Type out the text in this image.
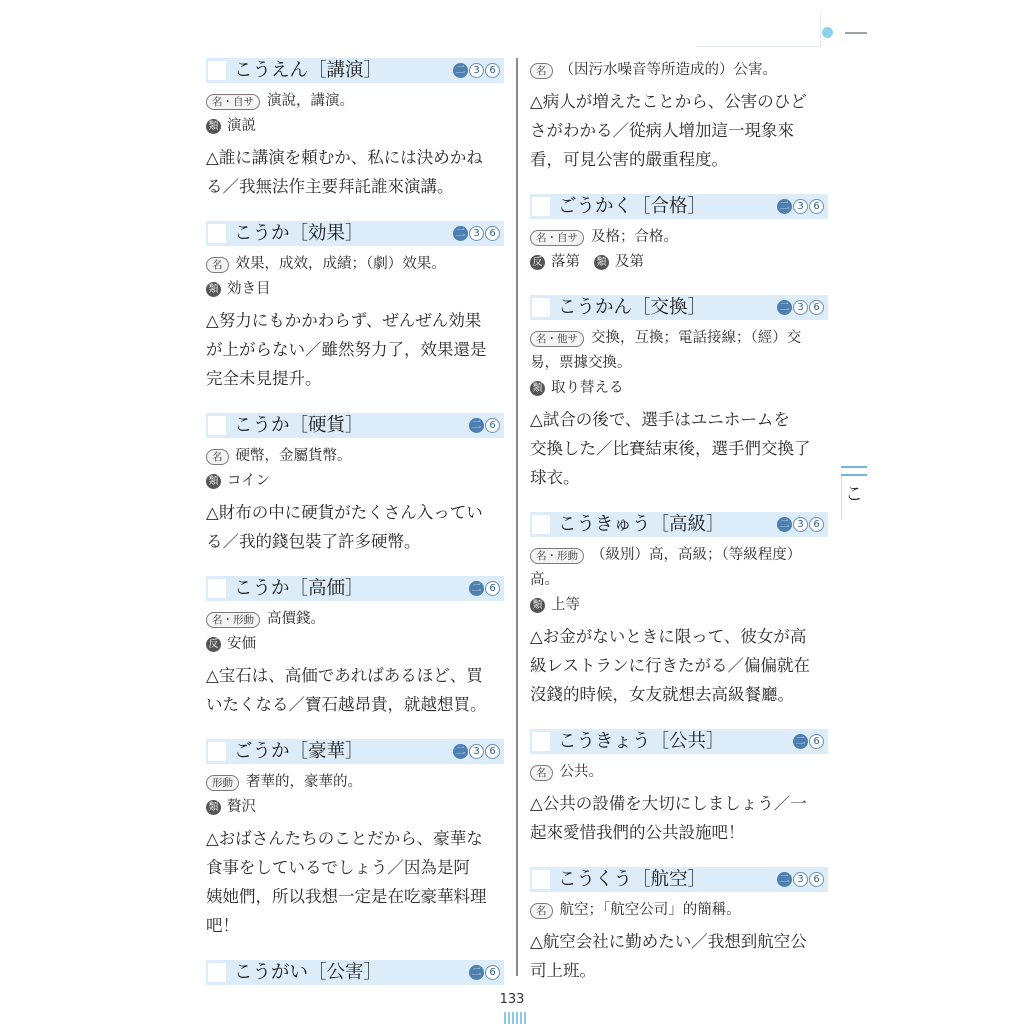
こうえん［講演］	二 3 6
名・自サ 演說，講演。
類 演説
△誰に講演を頼むか、私には決めかね
る／我無法作主要拜託誰來演講。
こうか［効果］	二 3 6
名 效果，成效，成績；（劇）效果。
類 効き目
△努力にもかかわらず、ぜんぜん効果
が上がらない／雖然努力了，效果還是
完全未見提升。
こうか［硬貨］	二 6
名 硬幣，金屬貨幣。
類 コイン
△財布の中に硬貨がたくさん入ってい
る／我的錢包裝了許多硬幣。
こうか［高価］	二 6
名・形動 高價錢。
反 安価
△宝石は、高価であればあるほど、買
いたくなる／寶石越昂貴，就越想買。
ごうか［豪華］	二 3 6
形動 奢華的，豪華的。
類 贅沢
△おばさんたちのことだから、豪華な
食事をしているでしょう／因為是阿
姨她們，所以我想一定是在吃豪華料理
吧！
こうがい［公害］	二 6
名 （因污水噪音等所造成的）公害。
△病人が増えたことから、公害のひど
さがわかる／從病人增加這一現象來
看，可見公害的嚴重程度。
ごうかく［合格］	二 3 6
名・自サ 及格；合格。
反 落第 類 及第
こうかん［交換］	二 3 6
名・他サ 交換，互換；電話接線；（經）交
易，票據交換。
類 取り替える
△試合の後で、選手はユニホームを
交換した／比賽結束後，選手們交換了
球衣。
こうきゅう［高級］	二 3 6
名・形動 （級別）高，高級；（等級程度）
高。
類 上等
△お金がないときに限って、彼女が高
級レストランに行きたがる／偏偏就在
沒錢的時候，女友就想去高級餐廳。
こうきょう［公共］	二 6
名 公共。
△公共の設備を大切にしましょう／一
起來愛惜我們的公共設施吧！
こうくう［航空］	二 3 6
名 航空；「航空公司」的簡稱。
△航空会社に勤めたい／我想到航空公
司上班。
こ
133
